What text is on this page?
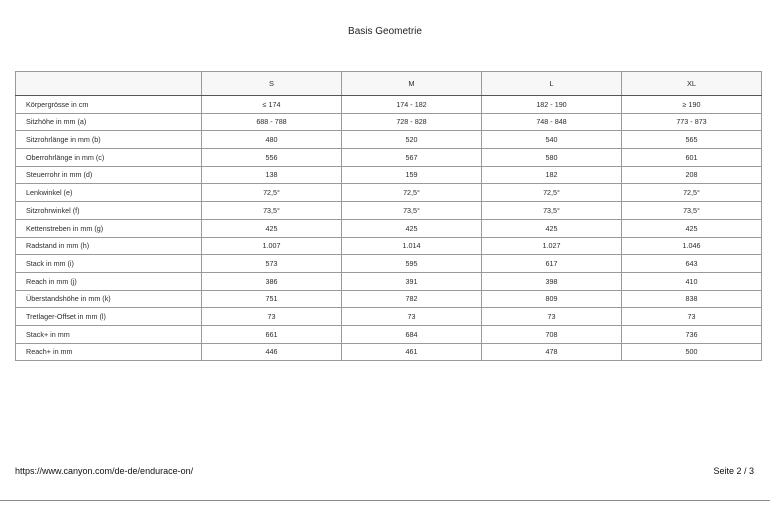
Basis Geometrie
	S	M	L	XL
Körpergrösse in cm	≤ 174	174 - 182	182 - 190	≥ 190
Sitzhöhe in mm (a)	688 - 788	728 - 828	748 - 848	773 - 873
Sitzrohrlänge in mm (b)	480	520	540	565
Oberrohrlänge in mm (c)	556	567	580	601
Steuerrohr in mm (d)	138	159	182	208
Lenkwinkel (e)	72,5°	72,5°	72,5°	72,5°
Sitzrohrwinkel (f)	73,5°	73,5°	73,5°	73,5°
Kettenstreben in mm (g)	425	425	425	425
Radstand in mm (h)	1.007	1.014	1.027	1.046
Stack in mm (i)	573	595	617	643
Reach in mm (j)	386	391	398	410
Überstandshöhe in mm (k)	751	782	809	838
Tretlager-Offset in mm (l)	73	73	73	73
Stack+ in mm	661	684	708	736
Reach+ in mm	446	461	478	500
https://www.canyon.com/de-de/endurace-on/	Seite 2 / 3
